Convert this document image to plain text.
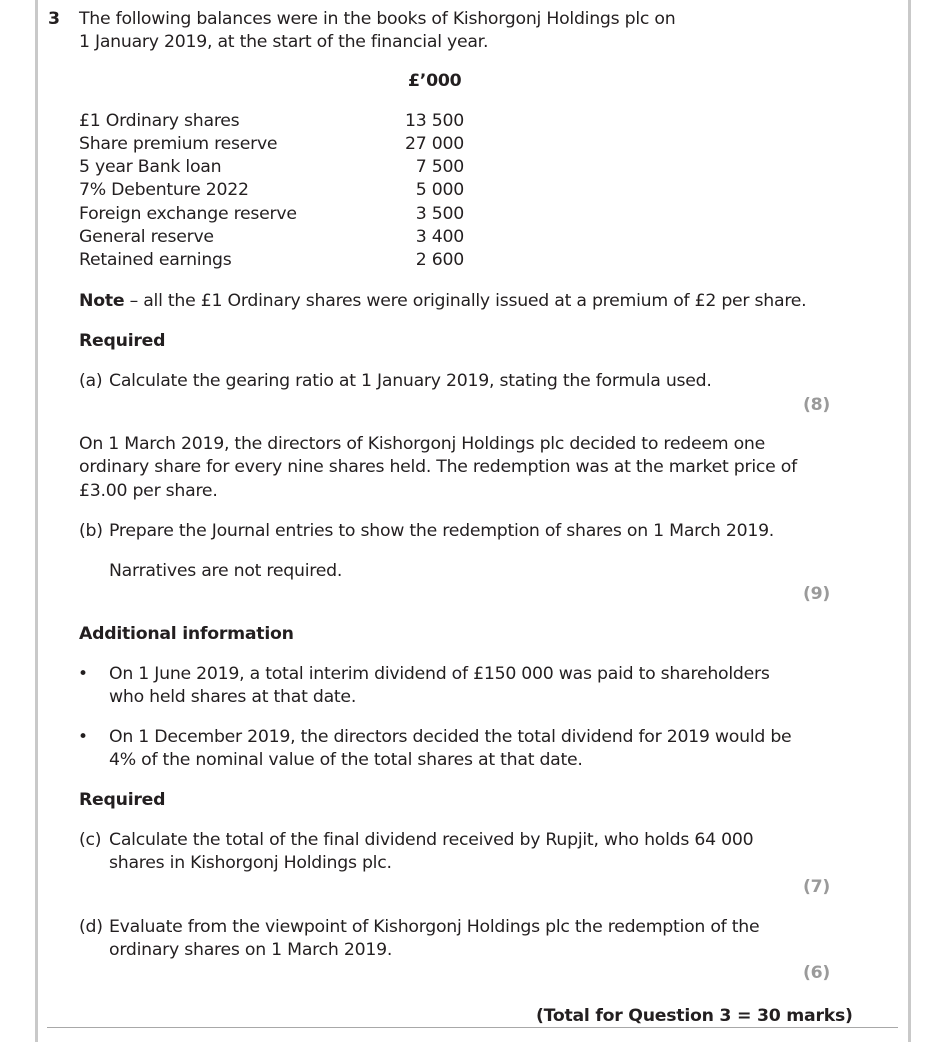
3 The following balances were in the books of Kishorgonj Holdings plc on
1 January 2019, at the start of the financial year.
£’000
£1 Ordinary shares	13 500
Share premium reserve	27 000
5 year Bank loan	7 500
7% Debenture 2022	5 000
Foreign exchange reserve	3 500
General reserve	3 400
Retained earnings	2 600
Note – all the £1 Ordinary shares were originally issued at a premium of £2 per share.
Required
(a) Calculate the gearing ratio at 1 January 2019, stating the formula used.
(8)
On 1 March 2019, the directors of Kishorgonj Holdings plc decided to redeem one
ordinary share for every nine shares held. The redemption was at the market price of
£3.00 per share.
(b) Prepare the Journal entries to show the redemption of shares on 1 March 2019.
Narratives are not required.
(9)
Additional information
• On 1 June 2019, a total interim dividend of £150 000 was paid to shareholders
who held shares at that date.
• On 1 December 2019, the directors decided the total dividend for 2019 would be
4% of the nominal value of the total shares at that date.
Required
(c) Calculate the total of the final dividend received by Rupjit, who holds 64 000
shares in Kishorgonj Holdings plc.
(7)
(d) Evaluate from the viewpoint of Kishorgonj Holdings plc the redemption of the
ordinary shares on 1 March 2019.
(6)
(Total for Question 3 = 30 marks)
